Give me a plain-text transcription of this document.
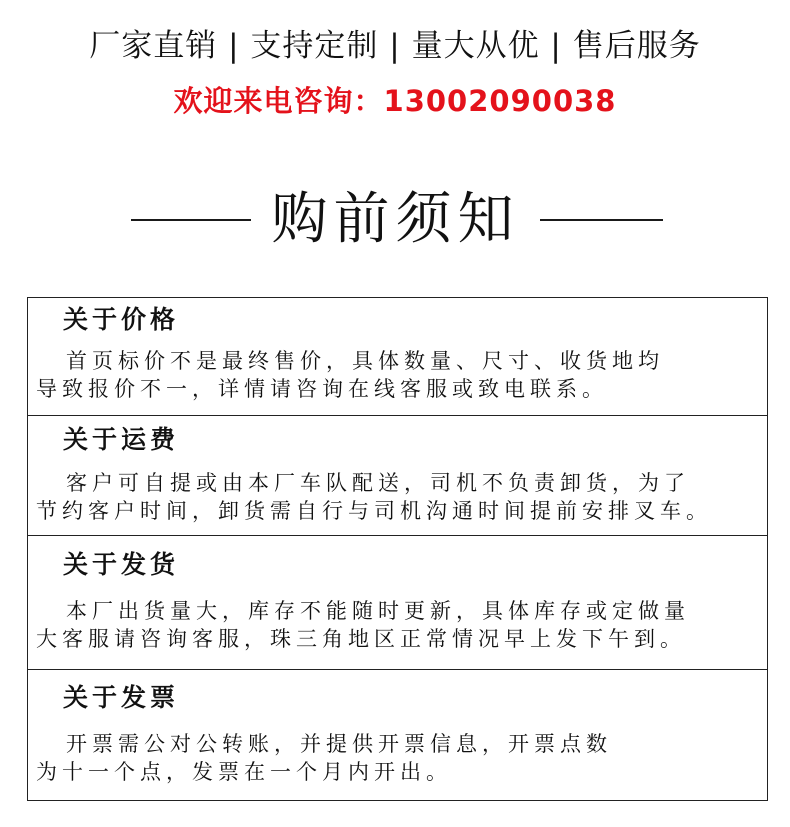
厂家直销 | 支持定制 | 量大从优 | 售后服务
欢迎来电咨询：13002090038
购前须知
关于价格
首页标价不是最终售价，具体数量、尺寸、收货地均
导致报价不一，详情请咨询在线客服或致电联系。
关于运费
客户可自提或由本厂车队配送，司机不负责卸货，为了
节约客户时间，卸货需自行与司机沟通时间提前安排叉车。
关于发货
本厂出货量大，库存不能随时更新，具体库存或定做量
大客服请咨询客服，珠三角地区正常情况早上发下午到。
关于发票
开票需公对公转账，并提供开票信息，开票点数
为十一个点，发票在一个月内开出。
